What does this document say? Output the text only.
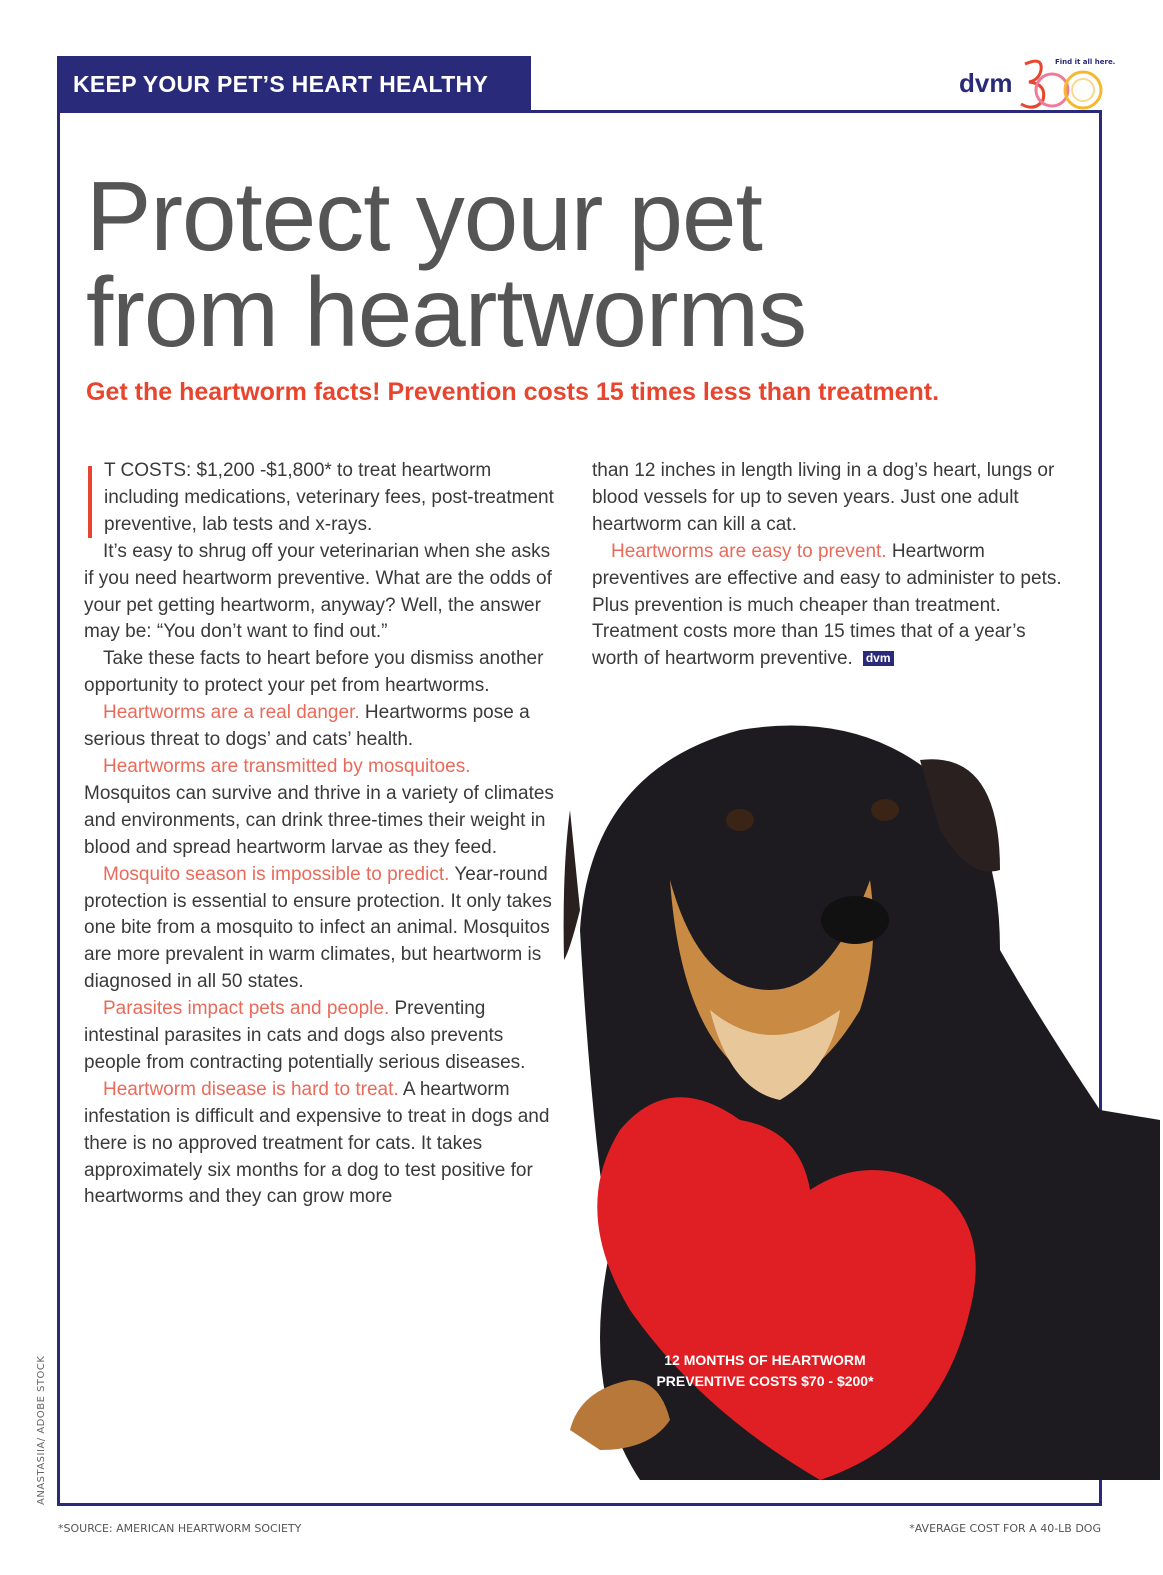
KEEP YOUR PET’S HEART HEALTHY	dvm
Find it all here.
Protect your pet
from heartworms
Get the heartworm facts! Prevention costs 15 times less than treatment.

T COSTS: $1,200 -$1,800* to treat heartworm including medications, veterinary fees, post-treatment preventive, lab tests and x-rays.

It’s easy to shrug off your veterinarian when she asks if you need heartworm preventive. What are the odds of your pet getting heartworm, anyway? Well, the answer may be: “You don’t want to find out.”

Take these facts to heart before you dismiss another opportunity to protect your pet from heartworms.

Heartworms are a real danger. Heartworms pose a serious threat to dogs’ and cats’ health.

Heartworms are transmitted by mosquitoes. Mosquitos can survive and thrive in a variety of climates and environments, can drink three-times their weight in blood and spread heartworm larvae as they feed.

Mosquito season is impossible to predict. Year-round protection is essential to ensure protection. It only takes one bite from a mosquito to infect an animal. Mosquitos are more prevalent in warm climates, but heartworm is diagnosed in all 50 states.

Parasites impact pets and people. Preventing intestinal parasites in cats and dogs also prevents people from contracting potentially serious diseases.

Heartworm disease is hard to treat. A heartworm infestation is difficult and expensive to treat in dogs and there is no approved treatment for cats. It takes approximately six months for a dog to test positive for heartworms and they can grow more

than 12 inches in length living in a dog’s heart, lungs or blood vessels for up to seven years. Just one adult heartworm can kill a cat.

Heartworms are easy to prevent. Heartworm preventives are effective and easy to administer to pets. Plus prevention is much cheaper than treatment. Treatment costs more than 15 times that of a year’s worth of heartworm preventive. dvm

12 MONTHS OF HEARTWORM
PREVENTIVE COSTS $70 - $200*
ANASTASIIA/ ADOBE STOCK
*SOURCE: AMERICAN HEARTWORM SOCIETY	*AVERAGE COST FOR A 40-LB DOG
